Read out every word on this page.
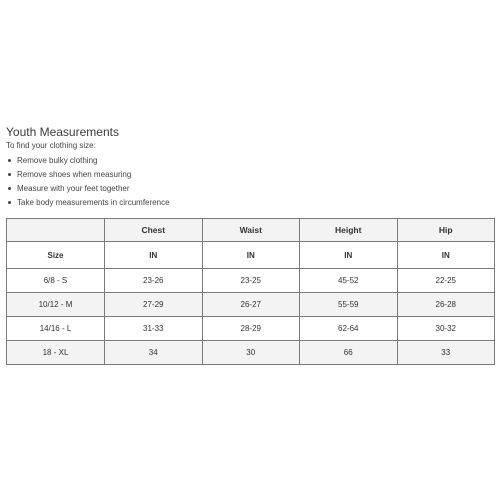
Youth Measurements
To find your clothing size:
Remove bulky clothing
Remove shoes when measuring
Measure with your feet together
Take body measurements in circumference
	Chest	Waist	Height	Hip
Size	IN	IN	IN	IN
6/8 - S	23-26	23-25	45-52	22-25
10/12 - M	27-29	26-27	55-59	26-28
14/16 - L	31-33	28-29	62-64	30-32
18 - XL	34	30	66	33
